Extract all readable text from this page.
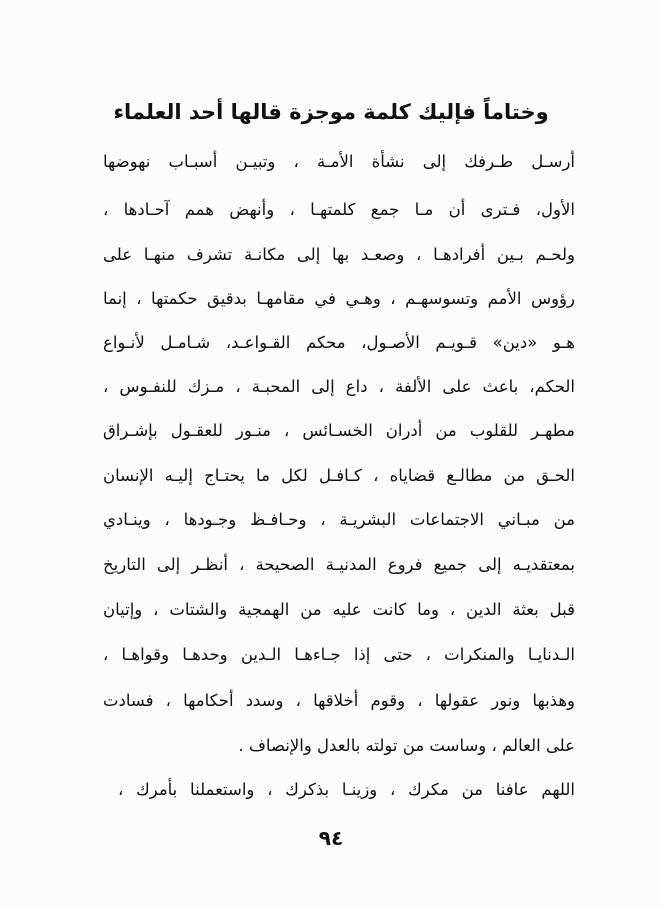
وختاماً فإليك كلمة موجزة قالها أحد العلماء
أرسـل طـرفك إلى نشأة الأمـة ، وتبيـن أسبـاب نهوضها
الأول، فـترى أن مـا جمع كلمتهـا ، وأنهض همم آحـادها ،
ولحـم بـين أفرادهـا ، وصعـد بها إلى مكانـة تشرف منهـا على
رؤوس الأمم وتسوسهـم ، وهـي في مقامهـا بدقيق حكمتها ، إنما
هـو «دين» قـويـم الأصـول، محكم القـواعـد، شـامـل لأنـواع
الحكم، باعث على الألفة ، داع إلى المحبـة ، مـزك للنفـوس ،
مطهـر للقلوب من أدران الخسـائس ، منـور للعقـول بإشـراق
الحـق من مطالـع قضاياه ، كـافـل لكل ما يحتـاج إليـه الإنسان
من مبـاني الاجتماعات البشريـة ، وحـافـظ وجـودها ، وينـادي
بمعتقديـه إلى جميع فروع المدنيـة الصحيحة ، أنظـر إلى التاريخ
قبل بعثة الدين ، وما كانت عليه من الهمجية والشتات ، وإتيان
الـدنايـا والمنكرات ، حتى إذا جـاءهـا الـدين وحدهـا وقواهـا ،
وهذبها ونور عقولها ، وقوم أخلاقها ، وسدد أحكامها ، فسادت
على العالم ، وساست من تولته بالعدل والإنصاف .
اللهم عافنا من مكرك ، وزينـا بذكرك ، واستعملنا بأمرك ،
٩٤
